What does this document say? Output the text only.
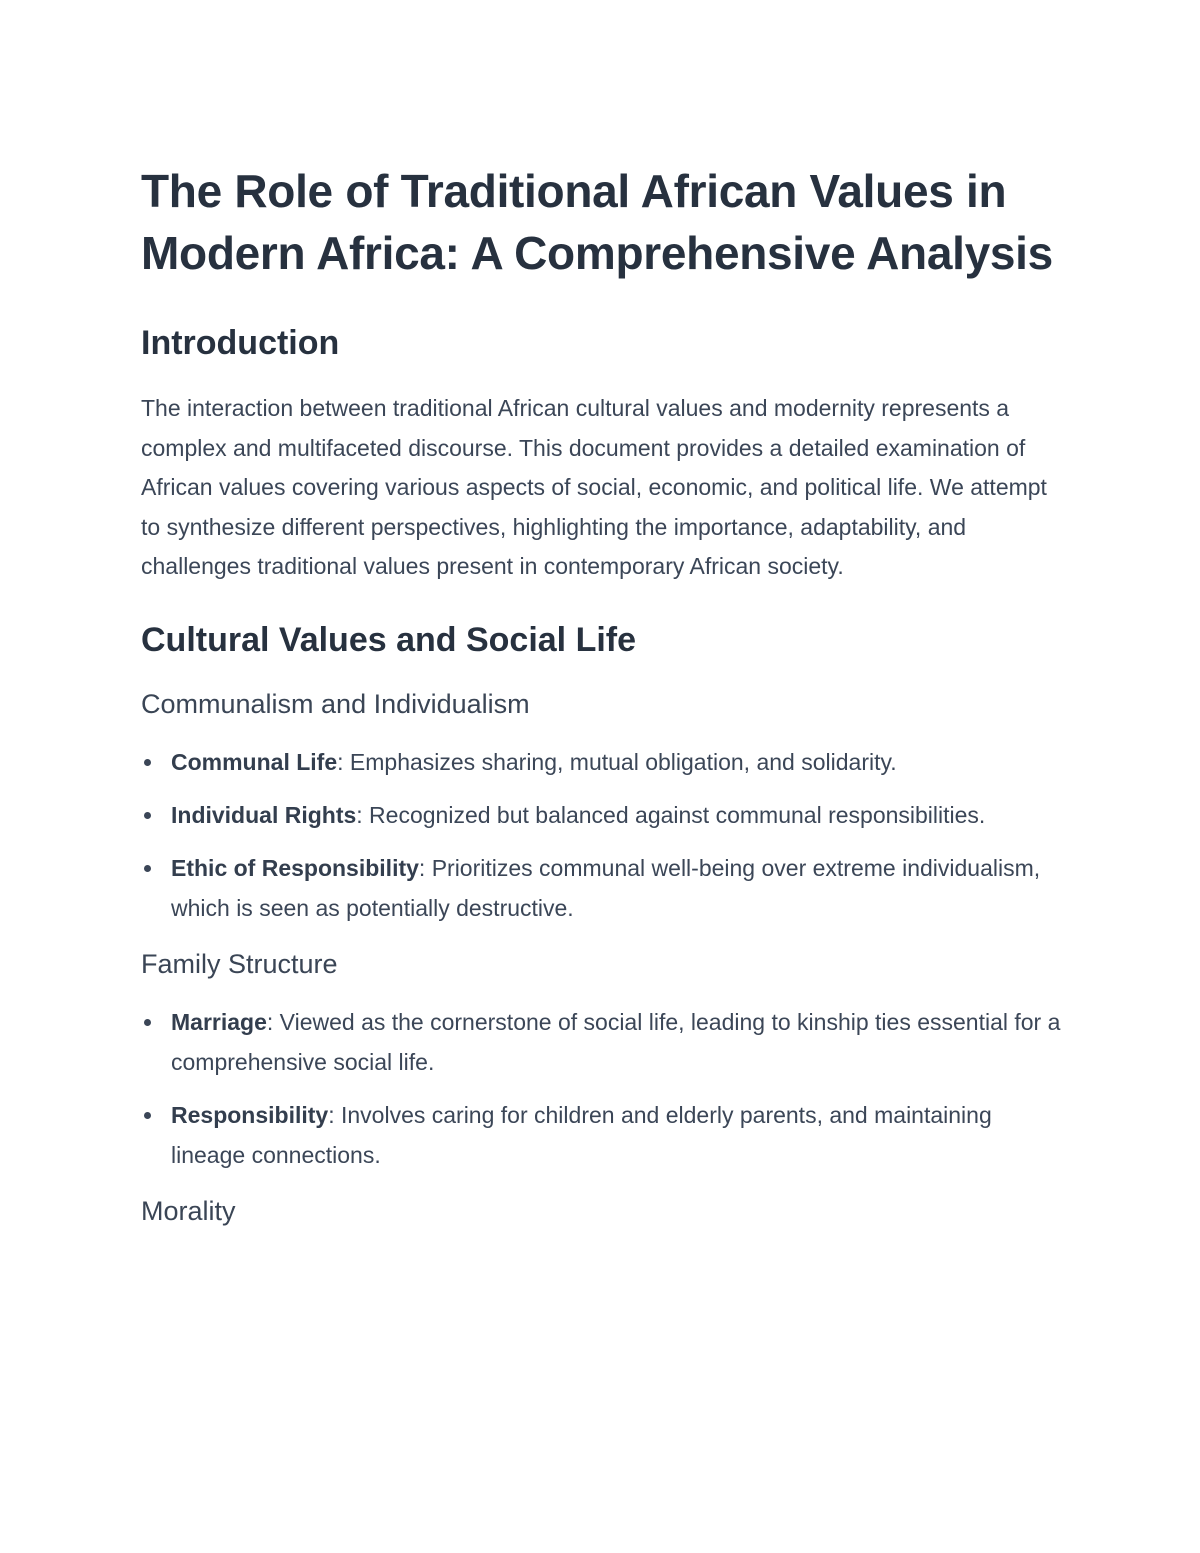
The Role of Traditional African Values in Modern Africa: A Comprehensive Analysis
Introduction

The interaction between traditional African cultural values and modernity represents a complex and multifaceted discourse. This document provides a detailed examination of African values covering various aspects of social, economic, and political life. We attempt to synthesize different perspectives, highlighting the importance, adaptability, and challenges traditional values present in contemporary African society.

Cultural Values and Social Life
Communalism and Individualism
Communal Life: Emphasizes sharing, mutual obligation, and solidarity.
Individual Rights: Recognized but balanced against communal responsibilities.
Ethic of Responsibility: Prioritizes communal well-being over extreme individualism, which is seen as potentially destructive.
Family Structure
Marriage: Viewed as the cornerstone of social life, leading to kinship ties essential for a comprehensive social life.
Responsibility: Involves caring for children and elderly parents, and maintaining lineage connections.
Morality
